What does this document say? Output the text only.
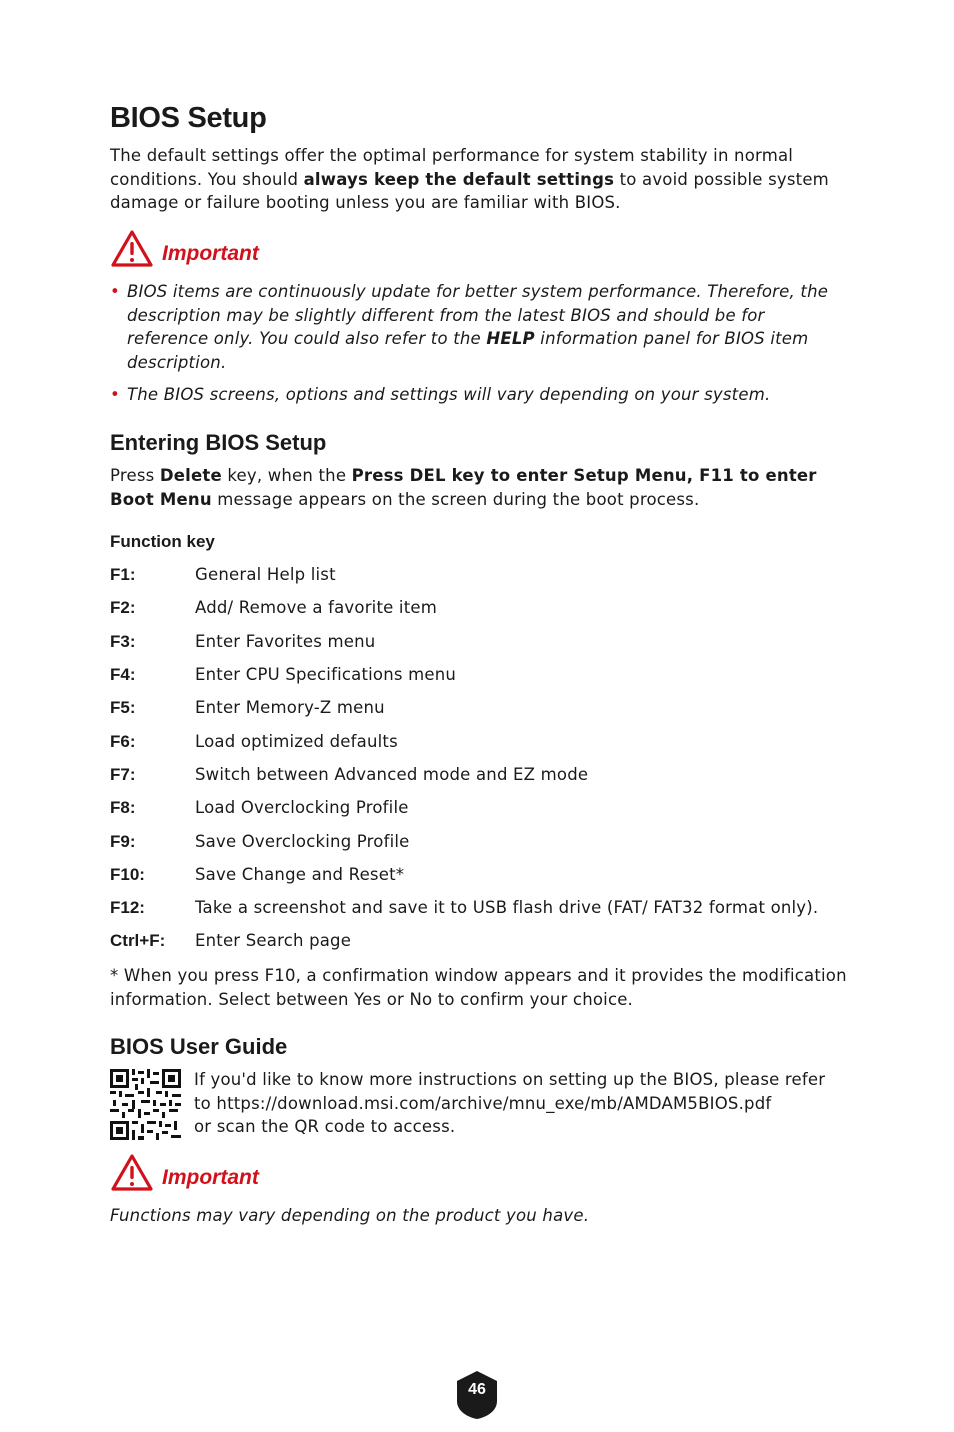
BIOS Setup

The default settings offer the optimal performance for system stability in normal conditions. You should always keep the default settings to avoid possible system damage or failure booting unless you are familiar with BIOS.

Important
• BIOS items are continuously update for better system performance. Therefore, the description may be slightly different from the latest BIOS and should be for reference only. You could also refer to the HELP information panel for BIOS item description.
• The BIOS screens, options and settings will vary depending on your system.
Entering BIOS Setup

Press Delete key, when the Press DEL key to enter Setup Menu, F11 to enter Boot Menu message appears on the screen during the boot process.

Function key
F1:	General Help list
F2:	Add/ Remove a favorite item
F3:	Enter Favorites menu
F4:	Enter CPU Specifications menu
F5:	Enter Memory-Z menu
F6:	Load optimized defaults
F7:	Switch between Advanced mode and EZ mode
F8:	Load Overclocking Profile
F9:	Save Overclocking Profile
F10:	Save Change and Reset*
F12:	Take a screenshot and save it to USB flash drive (FAT/ FAT32 format only).
Ctrl+F: Enter Search page

* When you press F10, a confirmation window appears and it provides the modification information. Select between Yes or No to confirm your choice.

BIOS User Guide
If you'd like to know more instructions on setting up the BIOS, please refer
to https://download.msi.com/archive/mnu_exe/mb/AMDAM5BIOS.pdf
or scan the QR code to access.
Important

Functions may vary depending on the product you have.

46
